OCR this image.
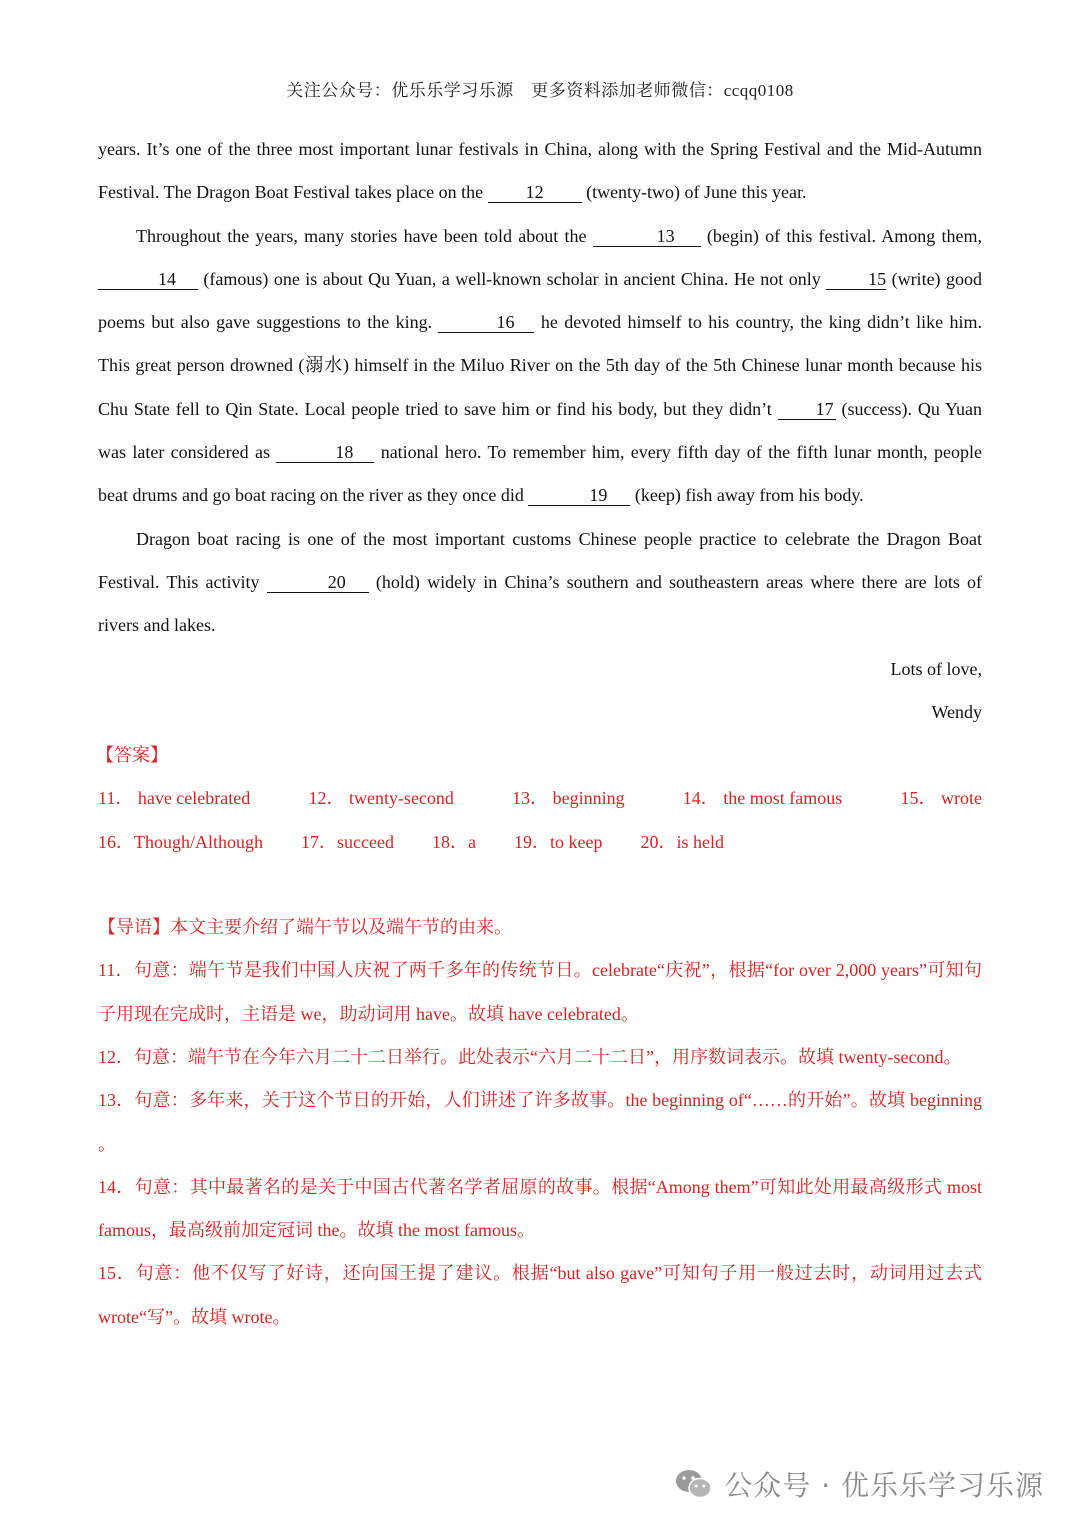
关注公众号：优乐乐学习乐源　更多资料添加老师微信：ccqq0108
years. It’s one of the three most important lunar festivals in China, along with the Spring Festival and the Mid-Autumn Festival. The Dragon Boat Festival takes place on the 12 (twenty-two) of June this year.
Throughout the years, many stories have been told about the	13 (begin) of this festival. Among them, 14 (famous) one is about Qu Yuan, a well-known scholar in ancient China. He not only 15 (write) good poems but also gave suggestions to the king.	16 he devoted himself to his country, the king didn’t like him. This great person drowned (溺水) himself in the Miluo River on the 5th day of the 5th Chinese lunar month because his Chu State fell to Qin State. Local people tried to save him or find his body, but they didn’t 17 (success). Qu Yuan was later considered as	18 national hero. To remember him, every fifth day of the fifth lunar month, people beat drums and go boat racing on the river as they once did	19 (keep) fish away from his body.
Dragon boat racing is one of the most important customs Chinese people practice to celebrate the Dragon Boat Festival. This activity	20 (hold) widely in China’s southern and southeastern areas where there are lots of rivers and lakes.
Lots of love,
Wendy
【答案】
11． have celebrated	12． twenty-second	13． beginning	14． the most famous	15． wrote
16．Though/Although 17．succeed 18．a 19．to keep 20．is held
【导语】本文主要介绍了端午节以及端午节的由来。
11．句意：端午节是我们中国人庆祝了两千多年的传统节日。celebrate“庆祝”，根据“for over 2,000 years”可知句子用现在完成时，主语是 we，助动词用 have。故填 have celebrated。
12．句意：端午节在今年六月二十二日举行。此处表示“六月二十二日”，用序数词表示。故填 twenty-second。
13．句意：多年来，关于这个节日的开始，人们讲述了许多故事。the beginning of“……的开始”。故填 beginning 。
14．句意：其中最著名的是关于中国古代著名学者屈原的故事。根据“Among them”可知此处用最高级形式 most famous，最高级前加定冠词 the。故填 the most famous。
15．句意：他不仅写了好诗，还向国王提了建议。根据“but also gave”可知句子用一般过去时，动词用过去式 wrote“写”。故填 wrote。
公众号 · 优乐乐学习乐源
